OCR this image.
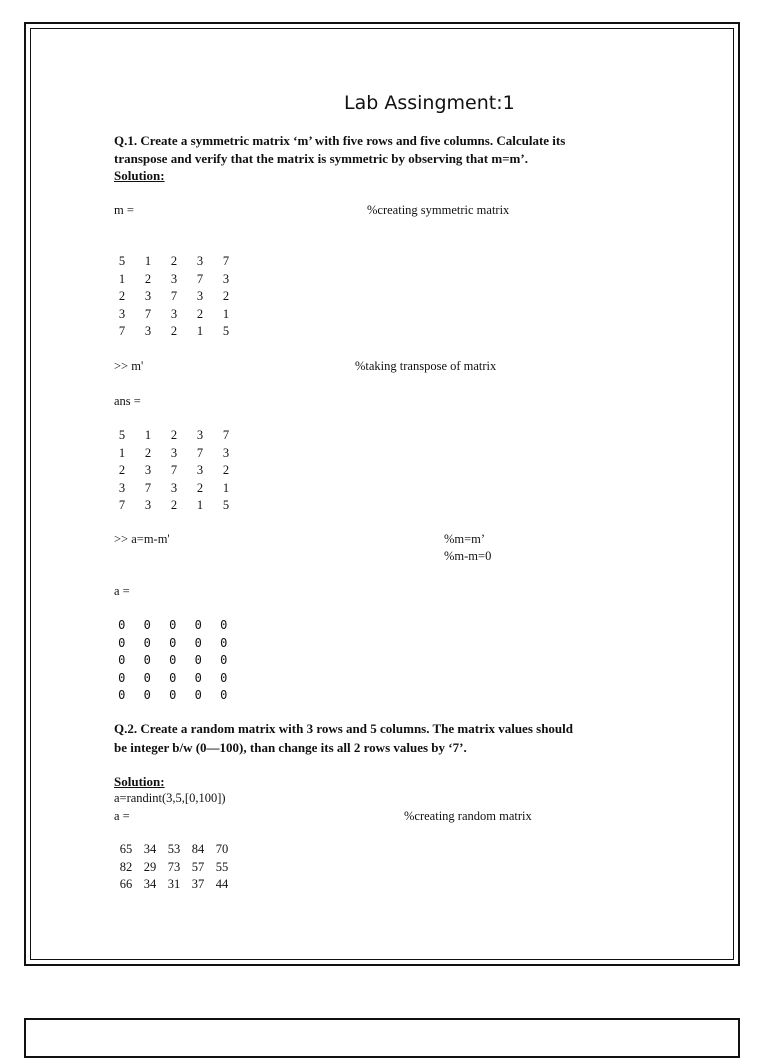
Lab Assingment:1
Q.1. Create a symmetric matrix ‘m’ with five rows and five columns. Calculate its
transpose and verify that the matrix is symmetric by observing that m=m’.
Solution:
m =	%creating symmetric matrix
5	1	2	3	7
1	2	3	7	3
2	3	7	3	2
3	7	3	2	1
7	3	2	1	5
>> m'	%taking transpose of matrix
ans =
5	1	2	3	7
1	2	3	7	3
2	3	7	3	2
3	7	3	2	1
7	3	2	1	5
>> a=m-m'	%m=m’
%m-m=0
a =
0	0	0	0	0
0	0	0	0	0
0	0	0	0	0
0	0	0	0	0
0	0	0	0	0
Q.2. Create a random matrix with 3 rows and 5 columns. The matrix values should
be integer b/w (0—100), than change its all 2 rows values by ‘7’.
Solution:
a=randint(3,5,[0,100])
a =	%creating random matrix
65	34	53	84	70
82	29	73	57	55
66	34	31	37	44
